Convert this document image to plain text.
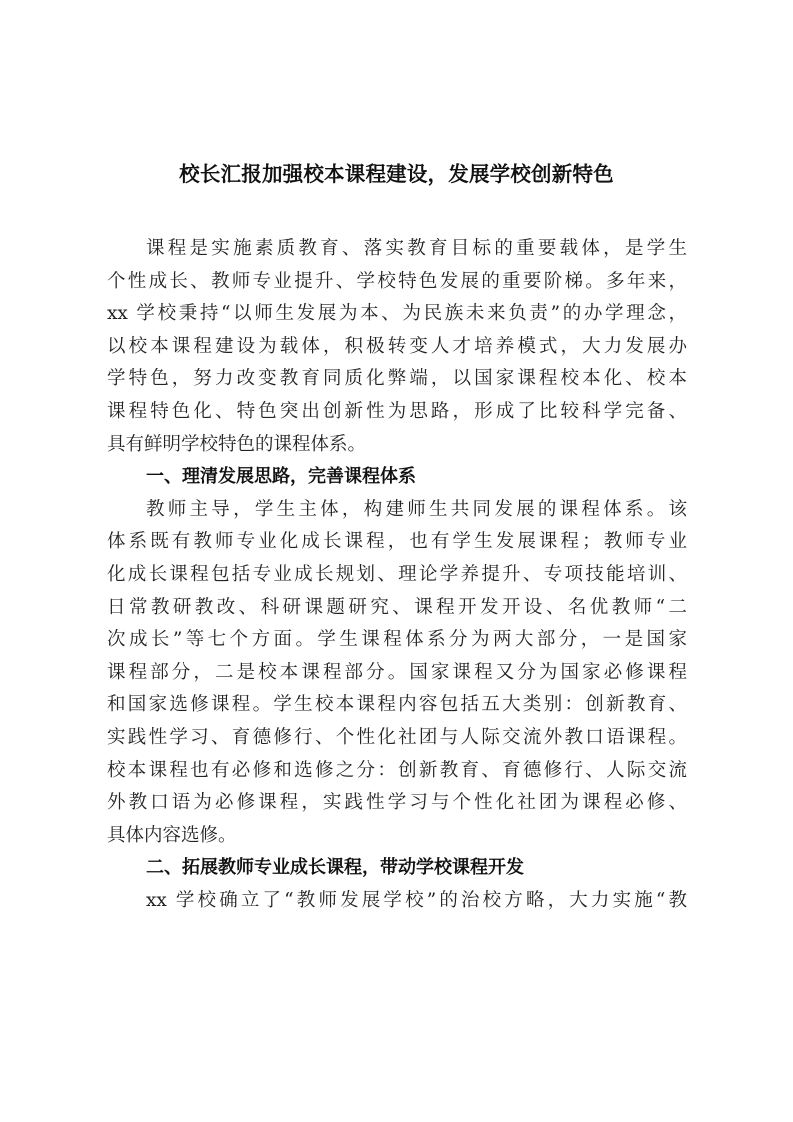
校长汇报加强校本课程建设，发展学校创新特色
课程是实施素质教育、落实教育目标的重要载体，是学生
个性成长、教师专业提升、学校特色发展的重要阶梯。多年来，
xx 学校秉持“以师生发展为本、为民族未来负责”的办学理念，
以校本课程建设为载体，积极转变人才培养模式，大力发展办
学特色，努力改变教育同质化弊端，以国家课程校本化、校本
课程特色化、特色突出创新性为思路，形成了比较科学完备、
具有鲜明学校特色的课程体系。
一、理清发展思路，完善课程体系
教师主导，学生主体，构建师生共同发展的课程体系。该
体系既有教师专业化成长课程，也有学生发展课程；教师专业
化成长课程包括专业成长规划、理论学养提升、专项技能培训、
日常教研教改、科研课题研究、课程开发开设、名优教师“二
次成长”等七个方面。学生课程体系分为两大部分，一是国家
课程部分，二是校本课程部分。国家课程又分为国家必修课程
和国家选修课程。学生校本课程内容包括五大类别：创新教育、
实践性学习、育德修行、个性化社团与人际交流外教口语课程。
校本课程也有必修和选修之分：创新教育、育德修行、人际交流
外教口语为必修课程，实践性学习与个性化社团为课程必修、
具体内容选修。
二、拓展教师专业成长课程，带动学校课程开发
xx 学校确立了“教师发展学校”的治校方略，大力实施“教
